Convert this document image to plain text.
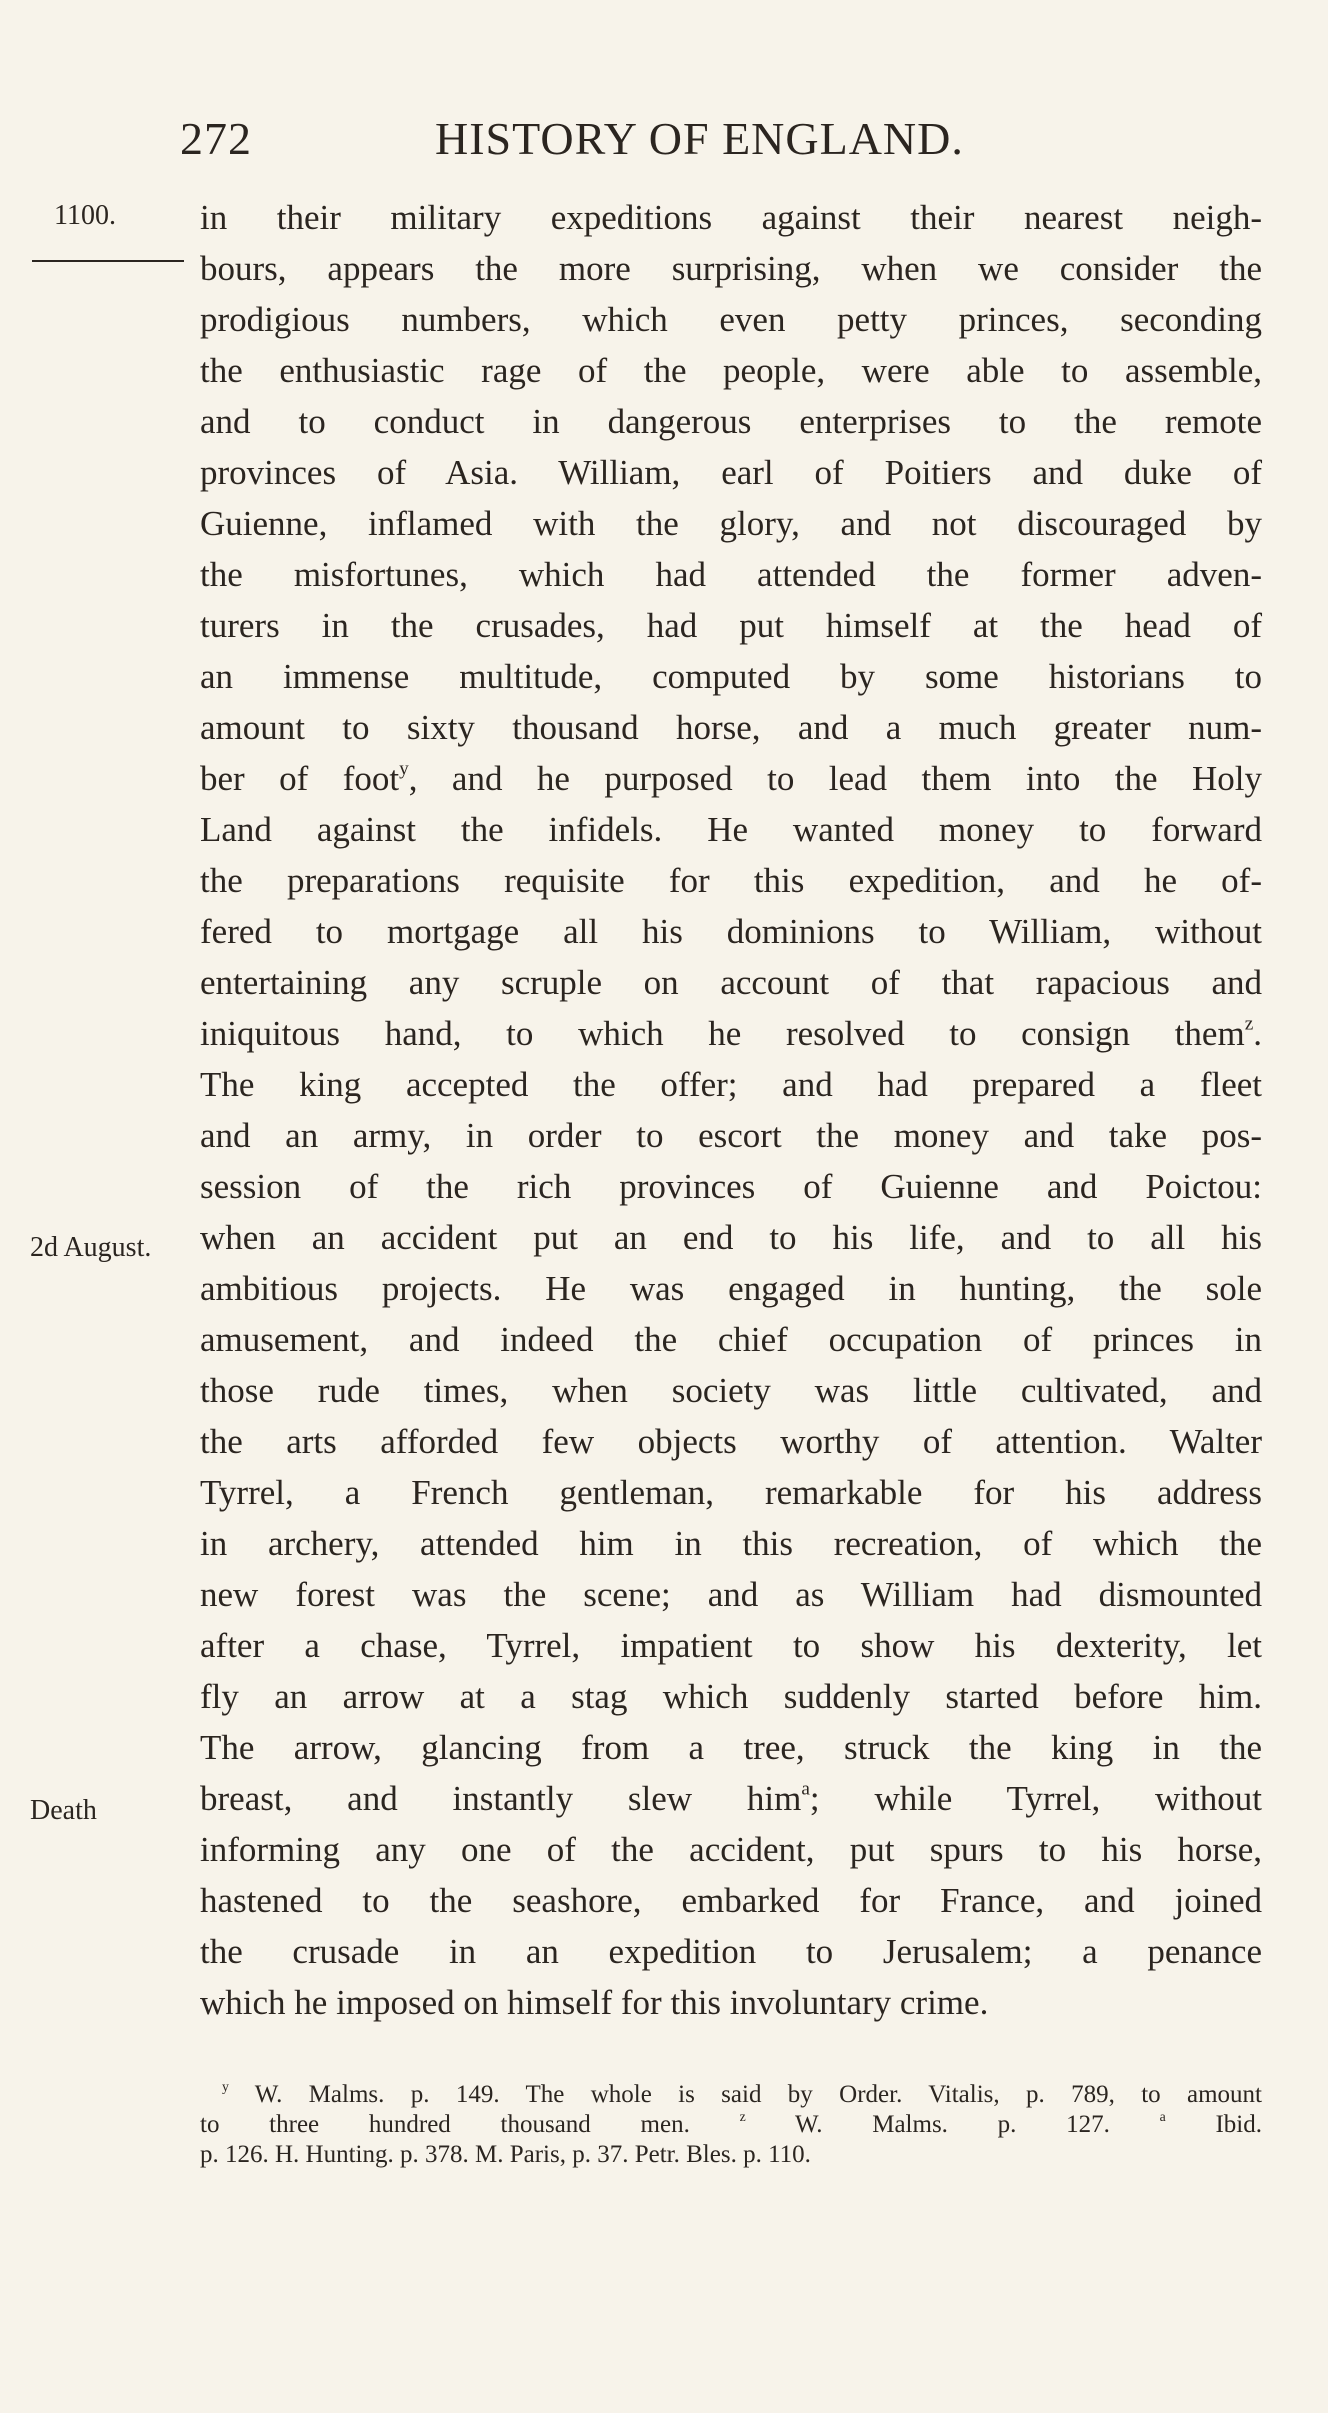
272	HISTORY OF ENGLAND.
1100.
2d August.
Death
in their military expeditions against their nearest neigh-
bours, appears the more surprising, when we consider the
prodigious numbers, which even petty princes, seconding
the enthusiastic rage of the people, were able to assemble,
and to conduct in dangerous enterprises to the remote
provinces of Asia. William, earl of Poitiers and duke of
Guienne, inflamed with the glory, and not discouraged by
the misfortunes, which had attended the former adven-
turers in the crusades, had put himself at the head of
an immense multitude, computed by some historians to
amount to sixty thousand horse, and a much greater num-
ber of foot$^y$, and he purposed to lead them into the Holy
Land against the infidels. He wanted money to forward
the preparations requisite for this expedition, and he of-
fered to mortgage all his dominions to William, without
entertaining any scruple on account of that rapacious and
iniquitous hand, to which he resolved to consign them$^z$.
The king accepted the offer; and had prepared a fleet
and an army, in order to escort the money and take pos-
session of the rich provinces of Guienne and Poictou:
when an accident put an end to his life, and to all his
ambitious projects. He was engaged in hunting, the sole
amusement, and indeed the chief occupation of princes in
those rude times, when society was little cultivated, and
the arts afforded few objects worthy of attention. Walter
Tyrrel, a French gentleman, remarkable for his address
in archery, attended him in this recreation, of which the
new forest was the scene; and as William had dismounted
after a chase, Tyrrel, impatient to show his dexterity, let
fly an arrow at a stag which suddenly started before him.
The arrow, glancing from a tree, struck the king in the
breast, and instantly slew him$^a$; while Tyrrel, without
informing any one of the accident, put spurs to his horse,
hastened to the seashore, embarked for France, and joined
the crusade in an expedition to Jerusalem; a penance
which he imposed on himself for this involuntary crime.
$^y$ W. Malms. p. 149. The whole is said by Order. Vitalis, p. 789, to amount
to three hundred thousand men.	$^z$ W. Malms. p. 127.	$^a$ Ibid.
p. 126. H. Hunting. p. 378. M. Paris, p. 37. Petr. Bles. p. 110.
